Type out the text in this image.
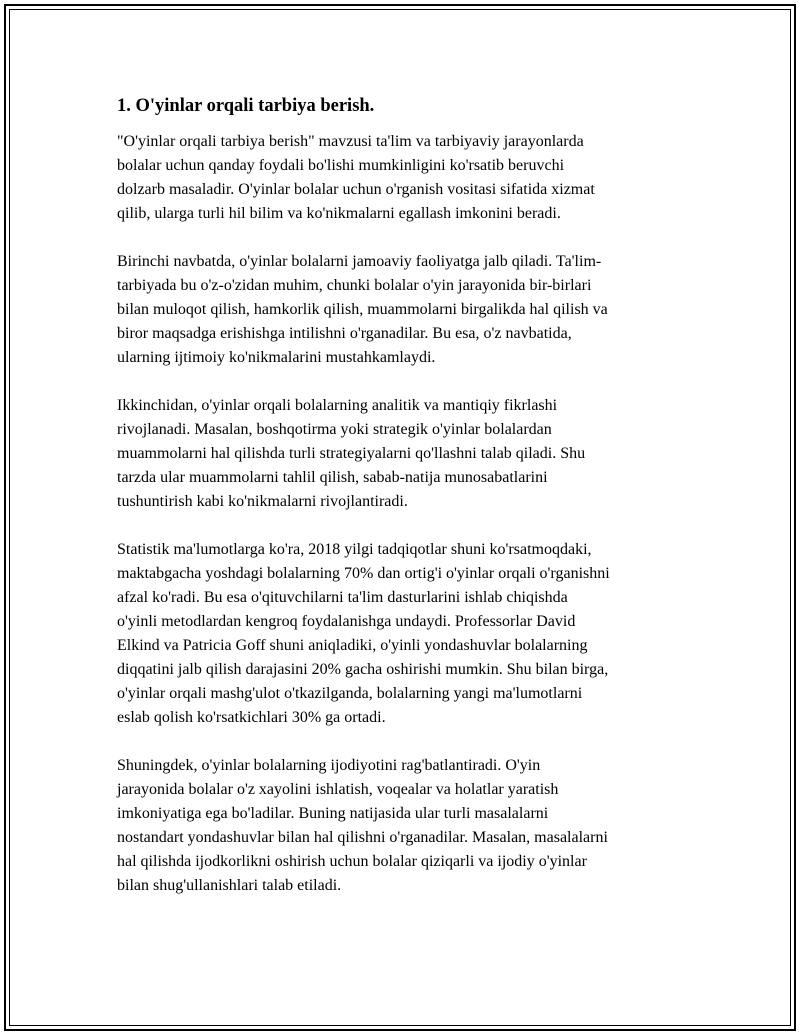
1. O'yinlar orqali tarbiya berish.

"O'yinlar orqali tarbiya berish" mavzusi ta'lim va tarbiyaviy jarayonlarda
bolalar uchun qanday foydali bo'lishi mumkinligini ko'rsatib beruvchi
dolzarb masaladir. O'yinlar bolalar uchun o'rganish vositasi sifatida xizmat
qilib, ularga turli hil bilim va ko'nikmalarni egallash imkonini beradi.

Birinchi navbatda, o'yinlar bolalarni jamoaviy faoliyatga jalb qiladi. Ta'lim-
tarbiyada bu o'z-o'zidan muhim, chunki bolalar o'yin jarayonida bir-birlari
bilan muloqot qilish, hamkorlik qilish, muammolarni birgalikda hal qilish va
biror maqsadga erishishga intilishni o'rganadilar. Bu esa, o'z navbatida,
ularning ijtimoiy ko'nikmalarini mustahkamlaydi.

Ikkinchidan, o'yinlar orqali bolalarning analitik va mantiqiy fikrlashi
rivojlanadi. Masalan, boshqotirma yoki strategik o'yinlar bolalardan
muammolarni hal qilishda turli strategiyalarni qo'llashni talab qiladi. Shu
tarzda ular muammolarni tahlil qilish, sabab-natija munosabatlarini
tushuntirish kabi ko'nikmalarni rivojlantiradi.

Statistik ma'lumotlarga ko'ra, 2018 yilgi tadqiqotlar shuni ko'rsatmoqdaki,
maktabgacha yoshdagi bolalarning 70% dan ortig'i o'yinlar orqali o'rganishni
afzal ko'radi. Bu esa o'qituvchilarni ta'lim dasturlarini ishlab chiqishda
o'yinli metodlardan kengroq foydalanishga undaydi. Professorlar David
Elkind va Patricia Goff shuni aniqladiki, o'yinli yondashuvlar bolalarning
diqqatini jalb qilish darajasini 20% gacha oshirishi mumkin. Shu bilan birga,
o'yinlar orqali mashg'ulot o'tkazilganda, bolalarning yangi ma'lumotlarni
eslab qolish ko'rsatkichlari 30% ga ortadi.

Shuningdek, o'yinlar bolalarning ijodiyotini rag'batlantiradi. O'yin
jarayonida bolalar o'z xayolini ishlatish, voqealar va holatlar yaratish
imkoniyatiga ega bo'ladilar. Buning natijasida ular turli masalalarni
nostandart yondashuvlar bilan hal qilishni o'rganadilar. Masalan, masalalarni
hal qilishda ijodkorlikni oshirish uchun bolalar qiziqarli va ijodiy o'yinlar
bilan shug'ullanishlari talab etiladi.
